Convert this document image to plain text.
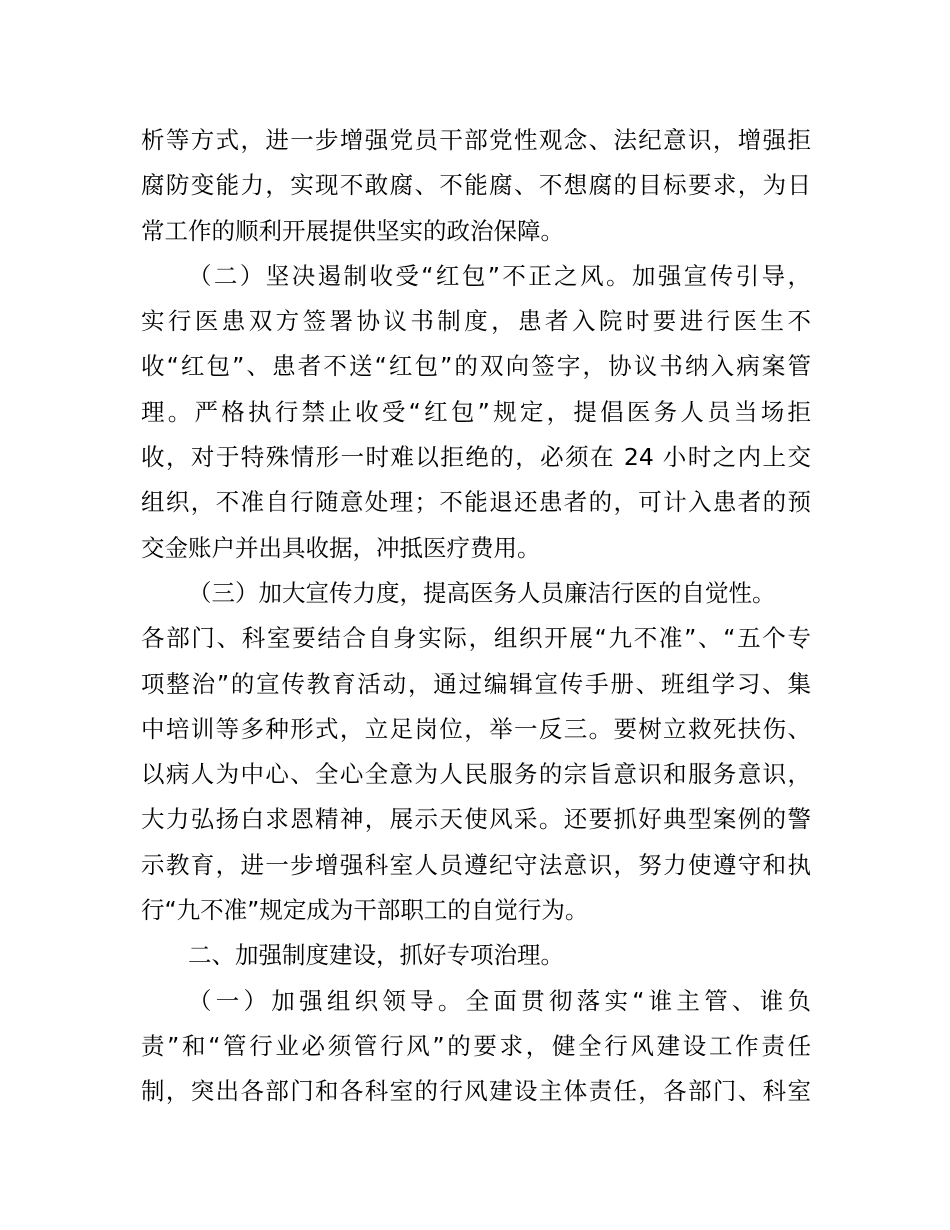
析等方式，进一步增强党员干部党性观念、法纪意识，增强拒
腐防变能力，实现不敢腐、不能腐、不想腐的目标要求，为日
常工作的顺利开展提供坚实的政治保障。
（二）坚决遏制收受“红包”不正之风。加强宣传引导，
实行医患双方签署协议书制度，患者入院时要进行医生不
收“红包”、患者不送“红包”的双向签字，协议书纳入病案管
理。严格执行禁止收受“红包”规定，提倡医务人员当场拒
收，对于特殊情形一时难以拒绝的，必须在 24 小时之内上交
组织，不准自行随意处理；不能退还患者的，可计入患者的预
交金账户并出具收据，冲抵医疗费用。
（三）加大宣传力度，提高医务人员廉洁行医的自觉性。
各部门、科室要结合自身实际，组织开展“九不准”、“五个专
项整治”的宣传教育活动，通过编辑宣传手册、班组学习、集
中培训等多种形式，立足岗位，举一反三。要树立救死扶伤、
以病人为中心、全心全意为人民服务的宗旨意识和服务意识，
大力弘扬白求恩精神，展示天使风采。还要抓好典型案例的警
示教育，进一步增强科室人员遵纪守法意识，努力使遵守和执
行“九不准”规定成为干部职工的自觉行为。
二、加强制度建设，抓好专项治理。
（一）加强组织领导。全面贯彻落实“谁主管、谁负
责”和“管行业必须管行风”的要求，健全行风建设工作责任
制，突出各部门和各科室的行风建设主体责任，各部门、科室
